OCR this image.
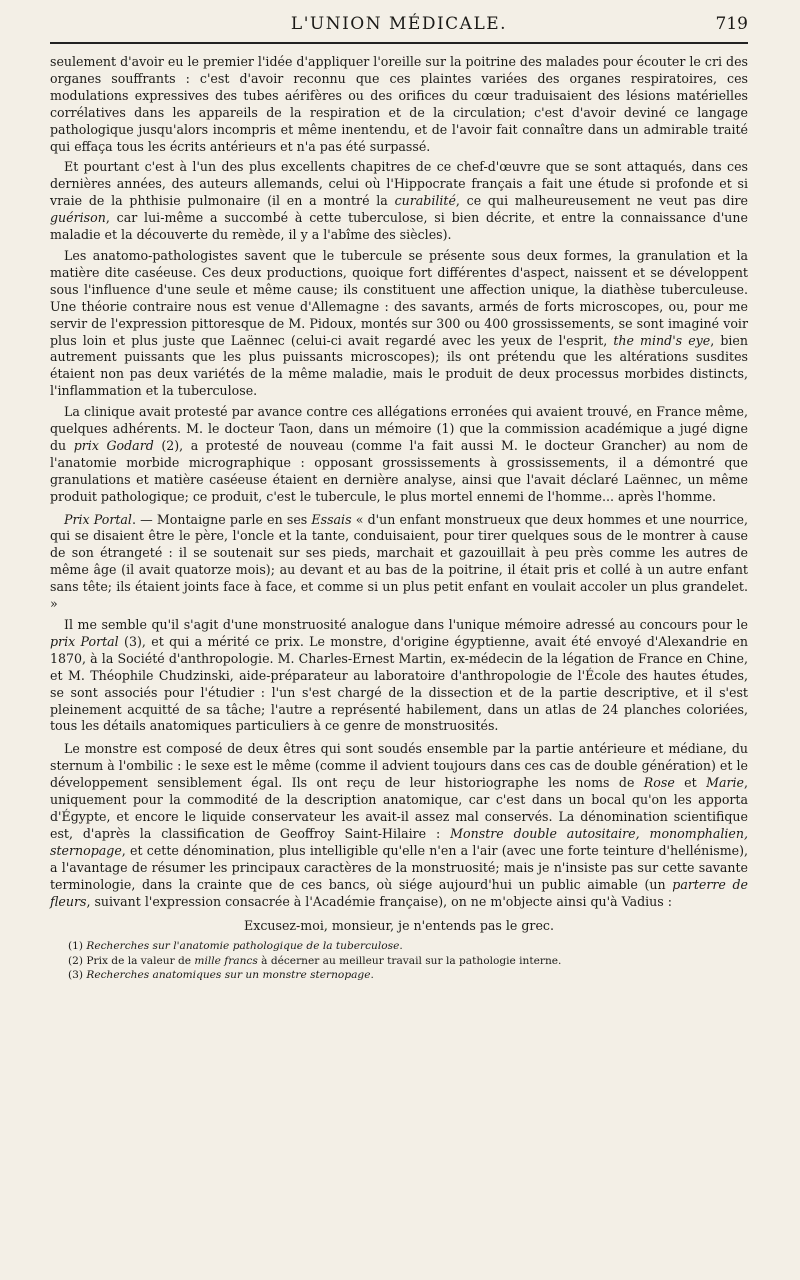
L'UNION MÉDICALE.	719

seulement d'avoir eu le premier l'idée d'appliquer l'oreille sur la poitrine des malades pour écouter le cri des organes souffrants : c'est d'avoir reconnu que ces plaintes variées des organes respiratoires, ces modulations expressives des tubes aérifères ou des orifices du cœur traduisaient des lésions matérielles corrélatives dans les appareils de la respiration et de la circulation; c'est d'avoir deviné ce langage pathologique jusqu'alors incompris et même inentendu, et de l'avoir fait connaître dans un admirable traité qui effaça tous les écrits antérieurs et n'a pas été surpassé.

Et pourtant c'est à l'un des plus excellents chapitres de ce chef-d'œuvre que se sont attaqués, dans ces dernières années, des auteurs allemands, celui où l'Hippocrate français a fait une étude si profonde et si vraie de la phthisie pulmonaire (il en a montré la curabilité, ce qui malheureusement ne veut pas dire guérison, car lui-même a succombé à cette tuberculose, si bien décrite, et entre la connaissance d'une maladie et la découverte du remède, il y a l'abîme des siècles).

Les anatomo-pathologistes savent que le tubercule se présente sous deux formes, la granulation et la matière dite caséeuse. Ces deux productions, quoique fort différentes d'aspect, naissent et se développent sous l'influence d'une seule et même cause; ils constituent une affection unique, la diathèse tuberculeuse. Une théorie contraire nous est venue d'Allemagne : des savants, armés de forts microscopes, ou, pour me servir de l'expression pittoresque de M. Pidoux, montés sur 300 ou 400 grossissements, se sont imaginé voir plus loin et plus juste que Laënnec (celui-ci avait regardé avec les yeux de l'esprit, the mind's eye, bien autrement puissants que les plus puissants microscopes); ils ont prétendu que les altérations susdites étaient non pas deux variétés de la même maladie, mais le produit de deux processus morbides distincts, l'inflammation et la tuberculose.

La clinique avait protesté par avance contre ces allégations erronées qui avaient trouvé, en France même, quelques adhérents. M. le docteur Taon, dans un mémoire (1) que la commission académique a jugé digne du prix Godard (2), a protesté de nouveau (comme l'a fait aussi M. le docteur Grancher) au nom de l'anatomie morbide micrographique : opposant grossissements à grossissements, il a démontré que granulations et matière caséeuse étaient en dernière analyse, ainsi que l'avait déclaré Laënnec, un même produit pathologique; ce produit, c'est le tubercule, le plus mortel ennemi de l'homme... après l'homme.

Prix Portal. — Montaigne parle en ses Essais « d'un enfant monstrueux que deux hommes et une nourrice, qui se disaient être le père, l'oncle et la tante, conduisaient, pour tirer quelques sous de le montrer à cause de son étrangeté : il se soutenait sur ses pieds, marchait et gazouillait à peu près comme les autres de même âge (il avait quatorze mois); au devant et au bas de la poitrine, il était pris et collé à un autre enfant sans tête; ils étaient joints face à face, et comme si un plus petit enfant en voulait accoler un plus grandelet. »

Il me semble qu'il s'agit d'une monstruosité analogue dans l'unique mémoire adressé au concours pour le prix Portal (3), et qui a mérité ce prix. Le monstre, d'origine égyptienne, avait été envoyé d'Alexandrie en 1870, à la Société d'anthropologie. M. Charles-Ernest Martin, ex-médecin de la légation de France en Chine, et M. Théophile Chudzinski, aide-préparateur au laboratoire d'anthropologie de l'École des hautes études, se sont associés pour l'étudier : l'un s'est chargé de la dissection et de la partie descriptive, et il s'est pleinement acquitté de sa tâche; l'autre a représenté habilement, dans un atlas de 24 planches coloriées, tous les détails anatomiques particuliers à ce genre de monstruosités.

Le monstre est composé de deux êtres qui sont soudés ensemble par la partie antérieure et médiane, du sternum à l'ombilic : le sexe est le même (comme il advient toujours dans ces cas de double génération) et le développement sensiblement égal. Ils ont reçu de leur historiographe les noms de Rose et Marie, uniquement pour la commodité de la description anatomique, car c'est dans un bocal qu'on les apporta d'Égypte, et encore le liquide conservateur les avait-il assez mal conservés. La dénomination scientifique est, d'après la classification de Geoffroy Saint-Hilaire : Monstre double autositaire, monomphalien, sternopage, et cette dénomination, plus intelligible qu'elle n'en a l'air (avec une forte teinture d'hellénisme), a l'avantage de résumer les principaux caractères de la monstruosité; mais je n'insiste pas sur cette savante terminologie, dans la crainte que de ces bancs, où siége aujourd'hui un public aimable (un parterre de fleurs, suivant l'expression consacrée à l'Académie française), on ne m'objecte ainsi qu'à Vadius :

Excusez-moi, monsieur, je n'entends pas le grec.
(1) Recherches sur l'anatomie pathologique de la tuberculose.
(2) Prix de la valeur de mille francs à décerner au meilleur travail sur la pathologie interne.
(3) Recherches anatomiques sur un monstre sternopage.
